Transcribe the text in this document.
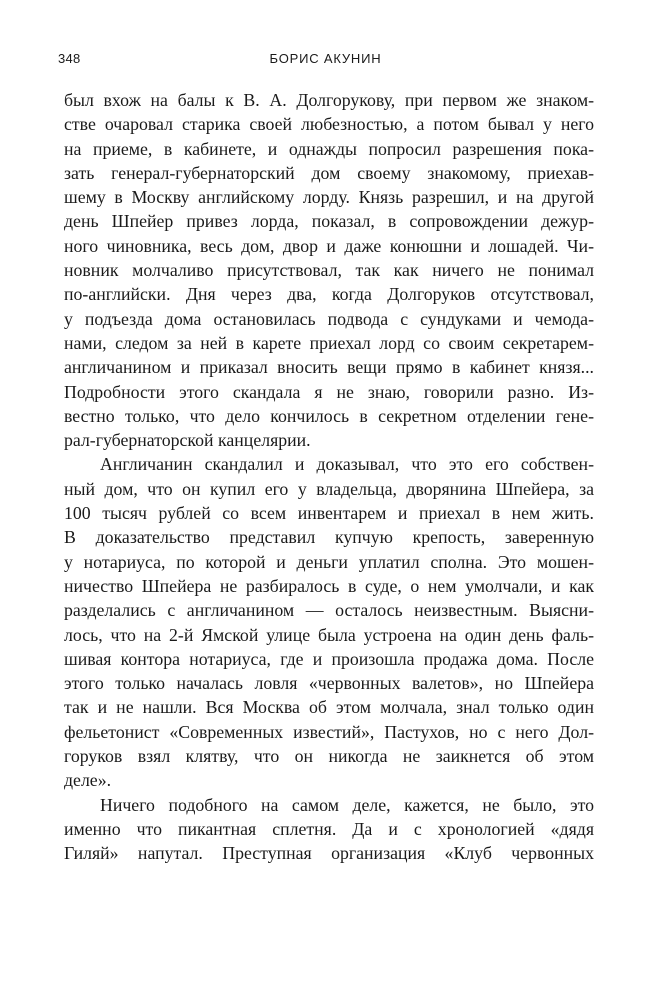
348	БОРИС АКУНИН
был вхож на балы к В. А. Долгорукову, при первом же знаком-
стве очаровал старика своей любезностью, а потом бывал у него
на приеме, в кабинете, и однажды попросил разрешения пока-
зать генерал-губернаторский дом своему знакомому, приехав-
шему в Москву английскому лорду. Князь разрешил, и на другой
день Шпейер привез лорда, показал, в сопровождении дежур-
ного чиновника, весь дом, двор и даже конюшни и лошадей. Чи-
новник молчаливо присутствовал, так как ничего не понимал
по-английски. Дня через два, когда Долгоруков отсутствовал,
у подъезда дома остановилась подвода с сундуками и чемода-
нами, следом за ней в карете приехал лорд со своим секретарем-
англичанином и приказал вносить вещи прямо в кабинет князя...
Подробности этого скандала я не знаю, говорили разно. Из-
вестно только, что дело кончилось в секретном отделении генe-
рал-губернаторской канцелярии.
Англичанин скандалил и доказывал, что это его собствен-
ный дом, что он купил его у владельца, дворянина Шпейера, за
100 тысяч рублей со всем инвентарем и приехал в нем жить.
В доказательство представил купчую крепость, заверенную
у нотариуса, по которой и деньги уплатил сполна. Это мошен-
ничество Шпейера не разбиралось в суде, о нем умолчали, и как
разделались с англичанином — осталось неизвестным. Выясни-
лось, что на 2-й Ямской улице была устроена на один день фаль-
шивая контора нотариуса, где и произошла продажа дома. После
этого только началась ловля «червонных валетов», но Шпейера
так и не нашли. Вся Москва об этом молчала, знал только один
фельетонист «Современных известий», Пастухов, но с него Дол-
горуков взял клятву, что он никогда не заикнется об этом
деле».
Ничего подобного на самом деле, кажется, не было, это
именно что пикантная сплетня. Да и с хронологией «дядя
Гиляй» напутал. Преступная организация «Клуб червонных
